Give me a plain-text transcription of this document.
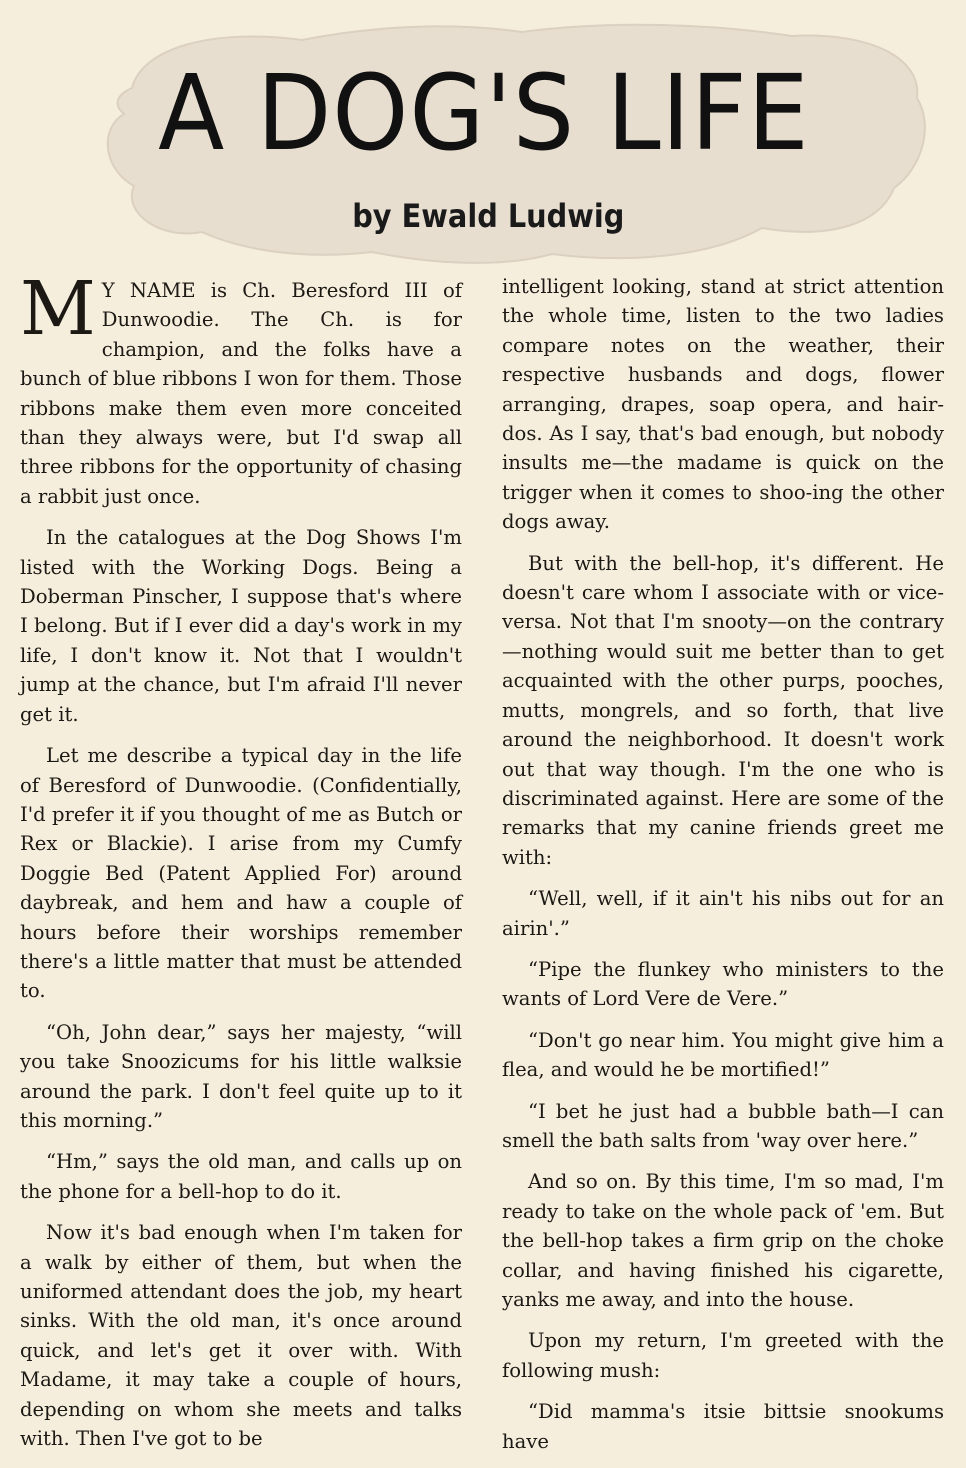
A DOG'S LIFE
by Ewald Ludwig

M Y NAME is Ch. Beresford III of Dunwoodie. The Ch. is for champion, and the folks have a bunch of blue ribbons I won for them. Those ribbons make them even more conceited than they always were, but I'd swap all three ribbons for the opportunity of chasing a rabbit just once.

In the catalogues at the Dog Shows I'm listed with the Working Dogs. Being a Doberman Pinscher, I suppose that's where I belong. But if I ever did a day's work in my life, I don't know it. Not that I wouldn't jump at the chance, but I'm afraid I'll never get it.

Let me describe a typical day in the life of Beresford of Dunwoodie. (Confidentially, I'd prefer it if you thought of me as Butch or Rex or Blackie). I arise from my Cumfy Doggie Bed (Patent Applied For) around daybreak, and hem and haw a couple of hours before their worships remember there's a little matter that must be attended to.

“Oh, John dear,” says her majesty, “will you take Snoozicums for his little walksie around the park. I don't feel quite up to it this morning.”

“Hm,” says the old man, and calls up on the phone for a bell-hop to do it.

Now it's bad enough when I'm taken for a walk by either of them, but when the uniformed attendant does the job, my heart sinks. With the old man, it's once around quick, and let's get it over with. With Madame, it may take a couple of hours, depending on whom she meets and talks with. Then I've got to be

intelligent looking, stand at strict attention the whole time, listen to the two ladies compare notes on the weather, their respective husbands and dogs, flower arranging, drapes, soap opera, and hair-dos. As I say, that's bad enough, but nobody insults me—the madame is quick on the trigger when it comes to shoo-ing the other dogs away.

But with the bell-hop, it's different. He doesn't care whom I associate with or vice-versa. Not that I'm snooty—on the contrary —nothing would suit me better than to get acquainted with the other purps, pooches, mutts, mongrels, and so forth, that live around the neighborhood. It doesn't work out that way though. I'm the one who is discriminated against. Here are some of the remarks that my canine friends greet me with:

“Well, well, if it ain't his nibs out for an airin'.”

“Pipe the flunkey who ministers to the wants of Lord Vere de Vere.”

“Don't go near him. You might give him a flea, and would he be mortified!”

“I bet he just had a bubble bath—I can smell the bath salts from 'way over here.”

And so on. By this time, I'm so mad, I'm ready to take on the whole pack of 'em. But the bell-hop takes a firm grip on the choke collar, and having finished his cigarette, yanks me away, and into the house.

Upon my return, I'm greeted with the following mush:

“Did mamma's itsie bittsie snookums have
